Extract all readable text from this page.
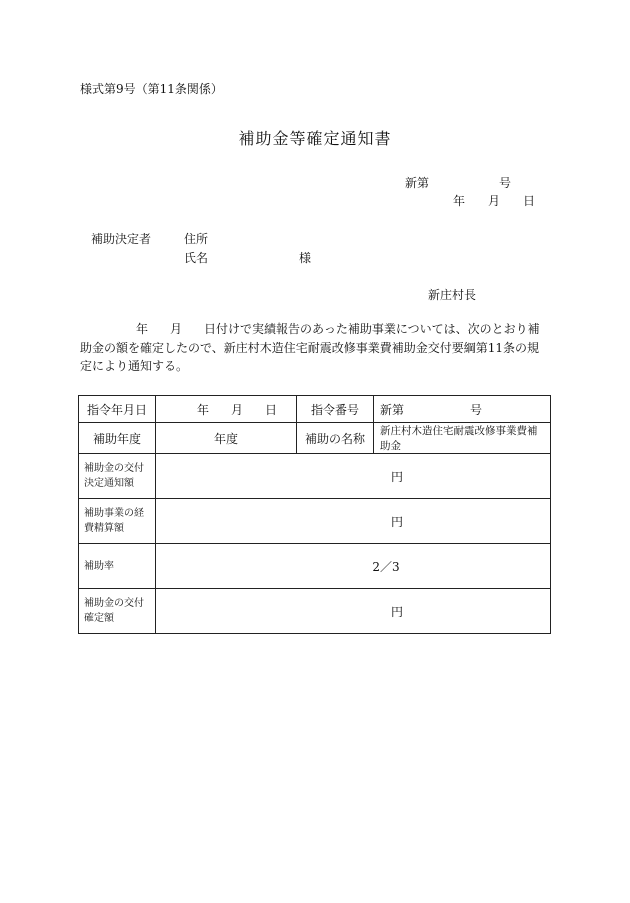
様式第9号（第11条関係）
補助金等確定通知書
新第	号
年 月 日
補助決定者	住所
氏名	様
新庄村長
年 月 日付けで実績報告のあった補助事業については、次のとおり補助金の額を確定したので、新庄村木造住宅耐震改修事業費補助金交付要綱第11条の規定により通知する。
指令年月日	年 月 日	指令番号	新第 号
補助年度	年度	補助の名称	新庄村木造住宅耐震改修事業費補助金
補助金の交付決定通知額	円		
補助事業の経費精算額	円		
補助率	2／3		
補助金の交付確定額	円		
